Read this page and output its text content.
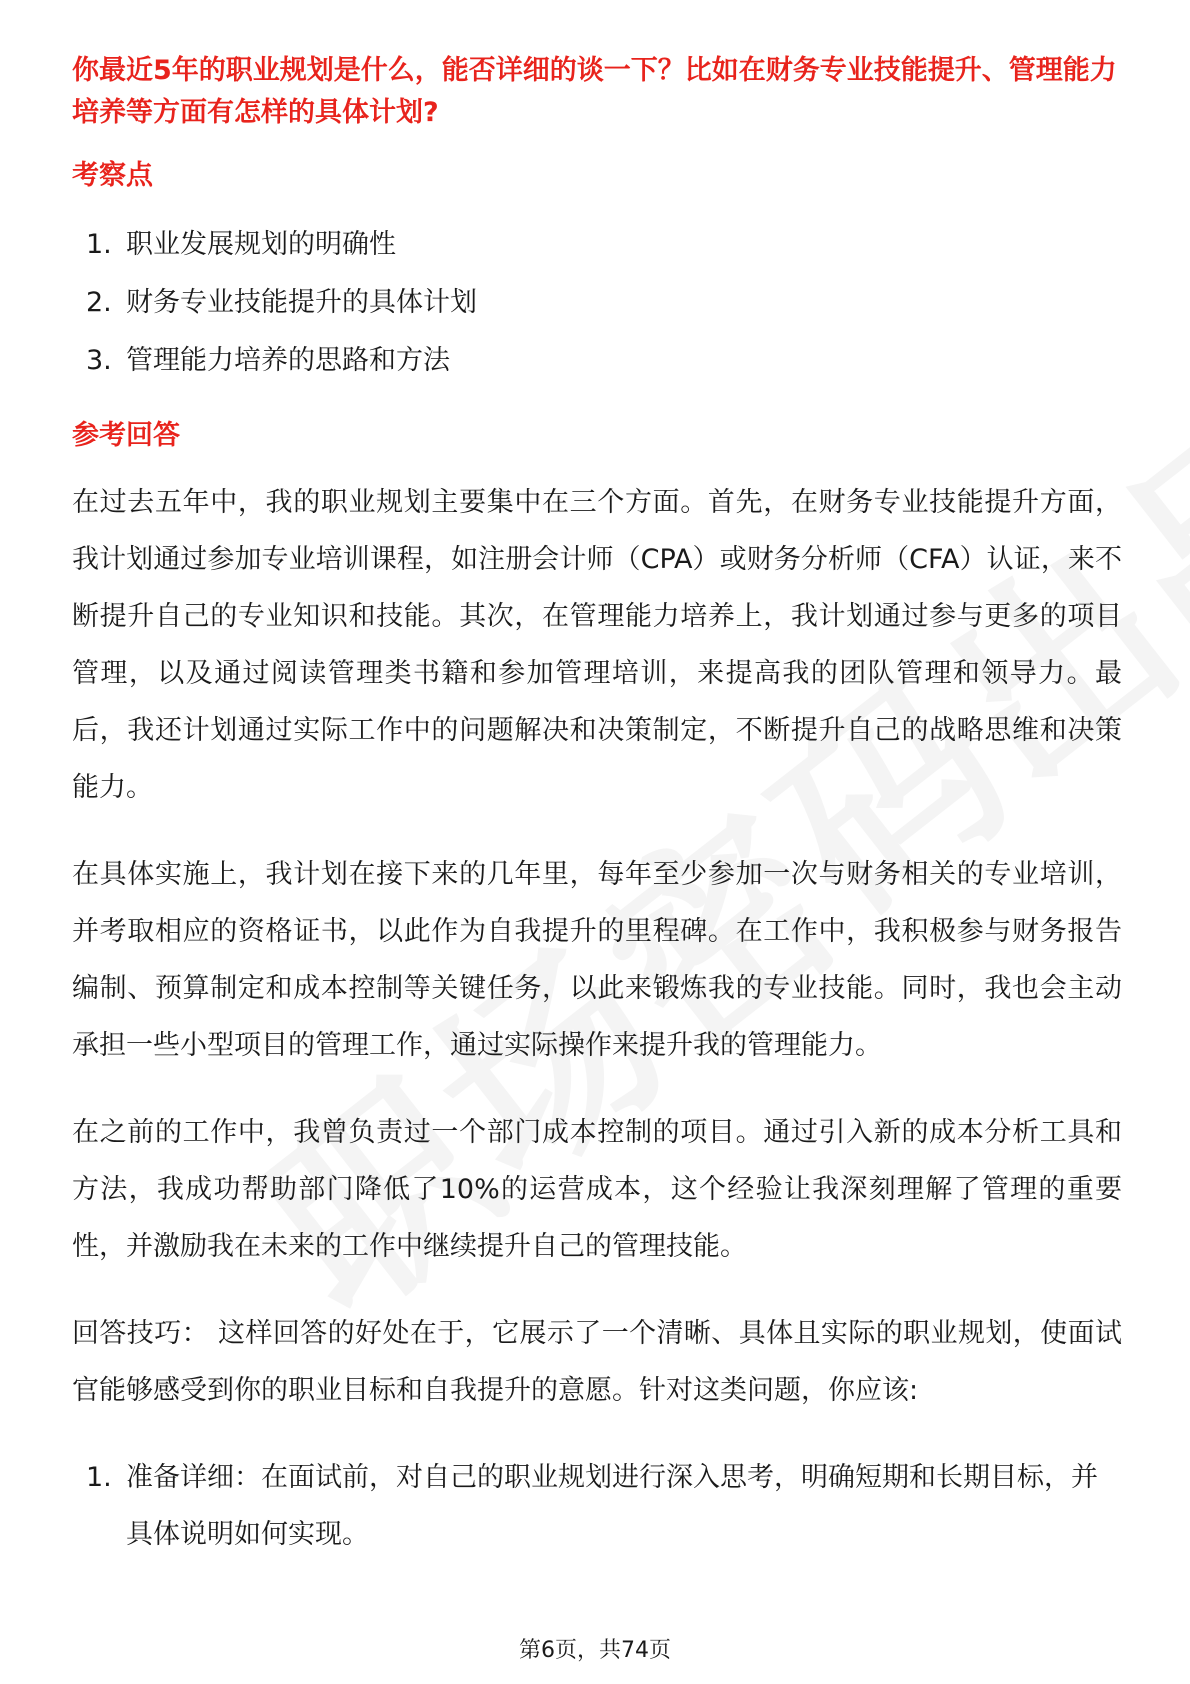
你最近5年的职业规划是什么，能否详细的谈一下？比如在财务专业技能提升、管理能力培养等方面有怎样的具体计划?

考察点

1. 职业发展规划的明确性
2. 财务专业技能提升的具体计划
3. 管理能力培养的思路和方法

参考回答

在过去五年中，我的职业规划主要集中在三个方面。首先，在财务专业技能提升方面，我计划通过参加专业培训课程，如注册会计师（CPA）或财务分析师（CFA）认证，来不断提升自己的专业知识和技能。其次，在管理能力培养上，我计划通过参与更多的项目管理，以及通过阅读管理类书籍和参加管理培训，来提高我的团队管理和领导力。最后，我还计划通过实际工作中的问题解决和决策制定，不断提升自己的战略思维和决策能力。

在具体实施上，我计划在接下来的几年里，每年至少参加一次与财务相关的专业培训，并考取相应的资格证书，以此作为自我提升的里程碑。在工作中，我积极参与财务报告编制、预算制定和成本控制等关键任务，以此来锻炼我的专业技能。同时，我也会主动承担一些小型项目的管理工作，通过实际操作来提升我的管理能力。

在之前的工作中，我曾负责过一个部门成本控制的项目。通过引入新的成本分析工具和方法，我成功帮助部门降低了10%的运营成本，这个经验让我深刻理解了管理的重要性，并激励我在未来的工作中继续提升自己的管理技能。

回答技巧： 这样回答的好处在于，它展示了一个清晰、具体且实际的职业规划，使面试官能够感受到你的职业目标和自我提升的意愿。针对这类问题，你应该:

1. 准备详细：在面试前，对自己的职业规划进行深入思考，明确短期和长期目标，并具体说明如何实现。
第6页，共74页
